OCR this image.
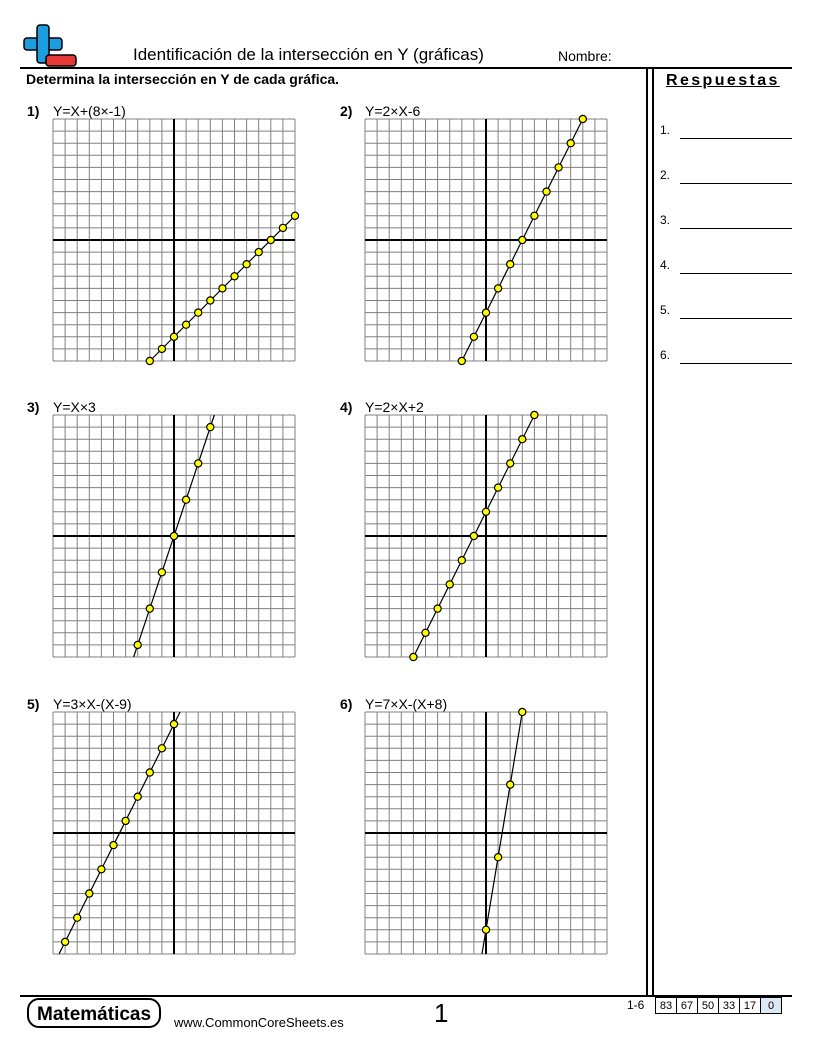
Identificación de la intersección en Y (gráficas)	Nombre:
Determina la intersección en Y de cada gráfica.	Respuestas
1.
2.
3.
4.
5.
6.
1) Y=X+(8×-1)	2) Y=2×X-6
3) Y=X×3	4) Y=2×X+2
5) Y=3×X-(X-9)	6) Y=7×X-(X+8)
Matemáticas	www.CommonCoreSheets.es	1	1-6	83 67 50 33 17	0
